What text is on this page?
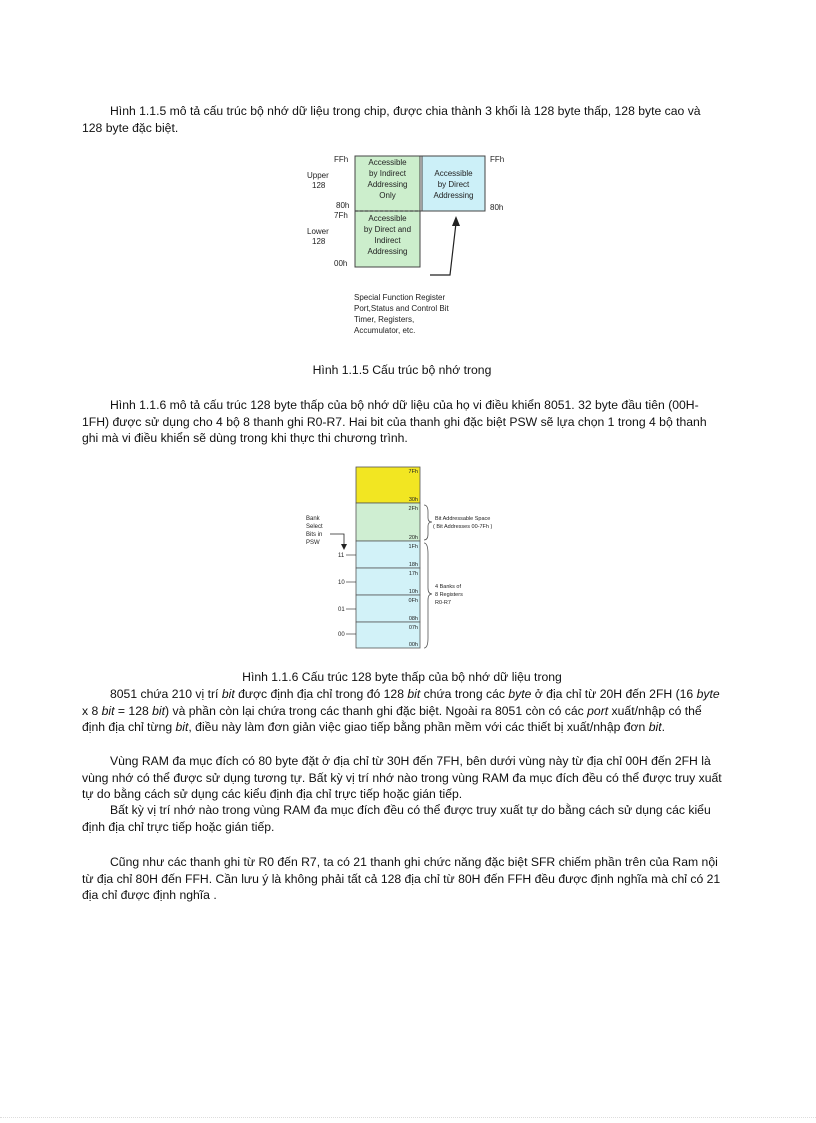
Hình 1.1.5 mô tả cấu trúc bộ nhớ dữ liệu trong chip, được chia thành 3 khối là 128 byte thấp, 128 byte cao và 128 byte đặc biệt.

FFh
Upper
128
80h
7Fh
Lower
128
00h
Accessible
by Indirect
Addressing
Only
Accessible
by Direct and
Indirect
Addressing
Accessible
by Direct
Addressing
FFh
80h
Special Function Register
Port,Status and Control Bit
Timer, Registers,
Accumulator, etc.

Hình 1.1.5 Cấu trúc bộ nhớ trong

Hình 1.1.6 mô tả cấu trúc 128 byte thấp của bộ nhớ dữ liệu của họ vi điều khiển 8051. 32 byte đầu tiên (00H-1FH) được sử dụng cho 4 bộ 8 thanh ghi R0-R7. Hai bit của thanh ghi đặc biệt PSW sẽ lựa chọn 1 trong 4 bộ thanh ghi mà vi điều khiển sẽ dùng trong khi thực thi chương trình.

7Fh
30h
2Fh
20h
1Fh
18h
17h
10h
0Fh
08h
07h
00h
Bank
Select
Bits in
PSW
11
10
01
00
Bit Addressable Space
( Bit Addresses 00-7Fh )
4 Banks of
8 Registers
R0-R7

Hình 1.1.6 Cấu trúc 128 byte thấp của bộ nhớ dữ liệu trong

8051 chứa 210 vị trí bit được định địa chỉ trong đó 128 bit chứa trong các byte ở địa chỉ từ 20H đến 2FH (16 byte x 8 bit = 128 bit) và phần còn lại chứa trong các thanh ghi đặc biệt. Ngoài ra 8051 còn có các port xuất/nhập có thể định địa chỉ từng bit, điều này làm đơn giản việc giao tiếp bằng phần mềm với các thiết bị xuất/nhập đơn bit.

Vùng RAM đa mục đích có 80 byte đặt ở địa chỉ từ 30H đến 7FH, bên dưới vùng này từ địa chỉ 00H đến 2FH là vùng nhớ có thể được sử dụng tương tự. Bất kỳ vị trí nhớ nào trong vùng RAM đa mục đích đều có thể được truy xuất tự do bằng cách sử dụng các kiểu định địa chỉ trực tiếp hoặc gián tiếp.

Bất kỳ vị trí nhớ nào trong vùng RAM đa mục đích đều có thể được truy xuất tự do bằng cách sử dụng các kiểu định địa chỉ trực tiếp hoặc gián tiếp.

Cũng như các thanh ghi từ R0 đến R7, ta có 21 thanh ghi chức năng đặc biệt SFR chiếm phần trên của Ram nội từ địa chỉ 80H đến FFH. Cần lưu ý là không phải tất cả 128 địa chỉ từ 80H đến FFH đều được định nghĩa mà chỉ có 21 địa chỉ được định nghĩa .
